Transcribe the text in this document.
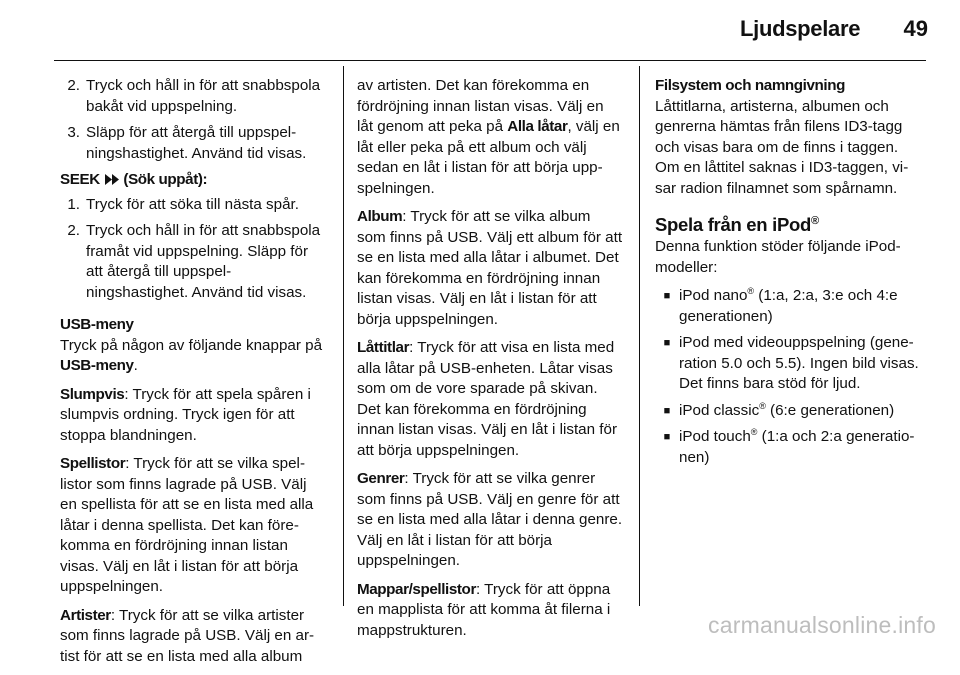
Ljudspelare	49
2. Tryck och håll in för att snabbspola bakåt vid uppspelning.
3. Släpp för att återgå till uppspelningshastighet. Använd tid visas.
SEEK (Sök uppåt):
1. Tryck för att söka till nästa spår.
2. Tryck och håll in för att snabbspola framåt vid uppspelning. Släpp för att återgå till uppspelningshastighet. Använd tid visas.
USB-meny

Tryck på någon av följande knappar på USB-meny.

Slumpvis: Tryck för att spela spåren i slumpvis ordning. Tryck igen för att stoppa blandningen.

Spellistor: Tryck för att se vilka spellistor som finns lagrade på USB. Välj en spellista för att se en lista med alla låtar i denna spellista. Det kan förekomma en fördröjning innan listan visas. Välj en låt i listan för att börja uppspelningen.

Artister: Tryck för att se vilka artister som finns lagrade på USB. Välj en artist för att se en lista med alla album

av artisten. Det kan förekomma en fördröjning innan listan visas. Välj en låt genom att peka på Alla låtar, välj en låt eller peka på ett album och välj sedan en låt i listan för att börja uppspelningen.

Album: Tryck för att se vilka album som finns på USB. Välj ett album för att se en lista med alla låtar i albumet. Det kan förekomma en fördröjning innan listan visas. Välj en låt i listan för att börja uppspelningen.

Låttitlar: Tryck för att visa en lista med alla låtar på USB-enheten. Låtar visas som om de vore sparade på skivan. Det kan förekomma en fördröjning innan listan visas. Välj en låt i listan för att börja uppspelningen.

Genrer: Tryck för att se vilka genrer som finns på USB. Välj en genre för att se en lista med alla låtar i denna genre. Välj en låt i listan för att börja uppspelningen.

Mappar/spellistor: Tryck för att öppna en mapplista för att komma åt filerna i mappstrukturen.

Filsystem och namngivning

Låttitlarna, artisterna, albumen och genrerna hämtas från filens ID3-tagg och visas bara om de finns i taggen. Om en låttitel saknas i ID3-taggen, visar radion filnamnet som spårnamn.

Spela från en iPod®

Denna funktion stöder följande iPod-modeller:

■ iPod nano® (1:a, 2:a, 3:e och 4:e generationen)
■ iPod med videouppspelning (generation 5.0 och 5.5). Ingen bild visas. Det finns bara stöd för ljud.
■ iPod classic® (6:e generationen)
■ iPod touch® (1:a och 2:a generationen)
carmanualsonline.info
